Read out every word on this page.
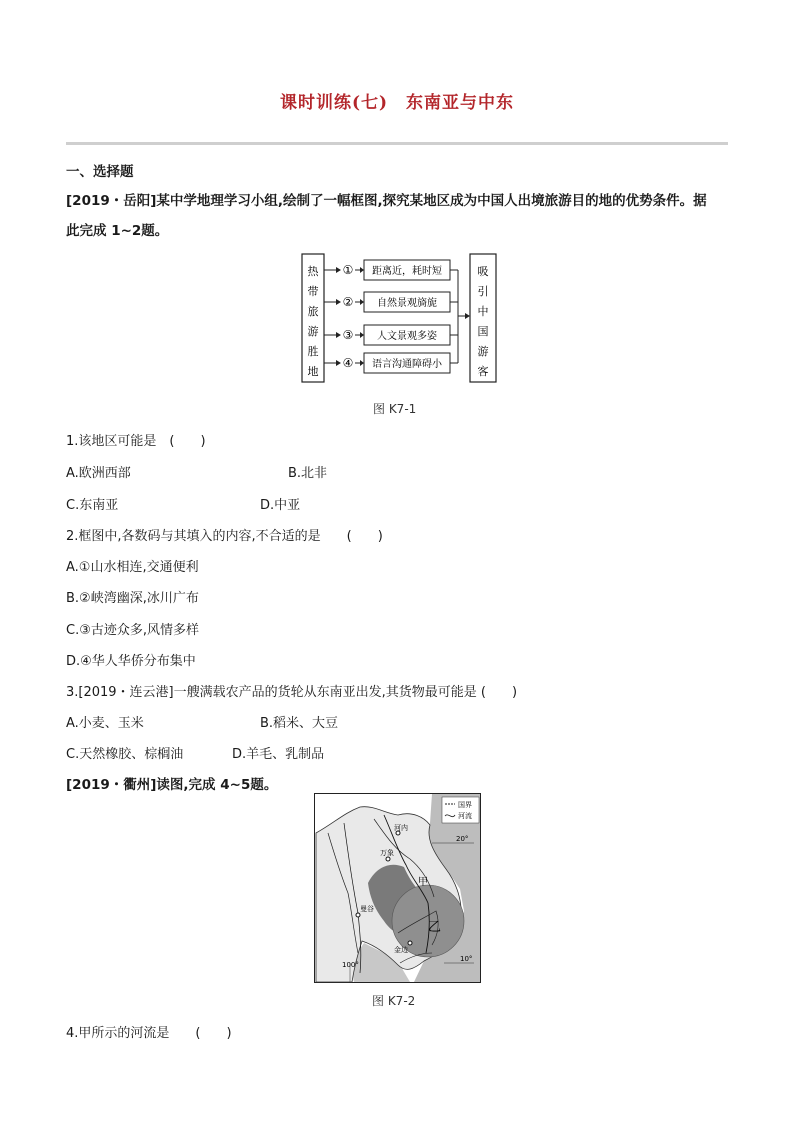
课时训练(七)　东南亚与中东
一、选择题
[2019・岳阳]某中学地理学习小组,绘制了一幅框图,探究某地区成为中国人出境旅游目的地的优势条件。据
此完成 1~2题。
热
带
旅
游
胜
地
① 距离近，耗时短
② 自然景观旖旎
③ 人文景观多姿
④ 语言沟通障碍小
吸
引
中
国
游
客
图 K7-1
1.该地区可能是　(　　)
A.欧洲西部	B.北非
C.东南亚	D.中亚
2.框图中,各数码与其填入的内容,不合适的是　　(　　)
A.①山水相连,交通便利
B.②峡湾幽深,冰川广布
C.③古迹众多,风情多样
D.④华人华侨分布集中
3.[2019・连云港]一艘满载农产品的货轮从东南亚出发,其货物最可能是 (　　)
A.小麦、玉米	B.稻米、大豆
C.天然橡胶、棕榈油	D.羊毛、乳制品
[2019・衢州]读图,完成 4~5题。
20°
10°
100°
国界
河流
河内
万象
曼谷
金边
甲
乙
图 K7-2
4.甲所示的河流是　　(　　)
